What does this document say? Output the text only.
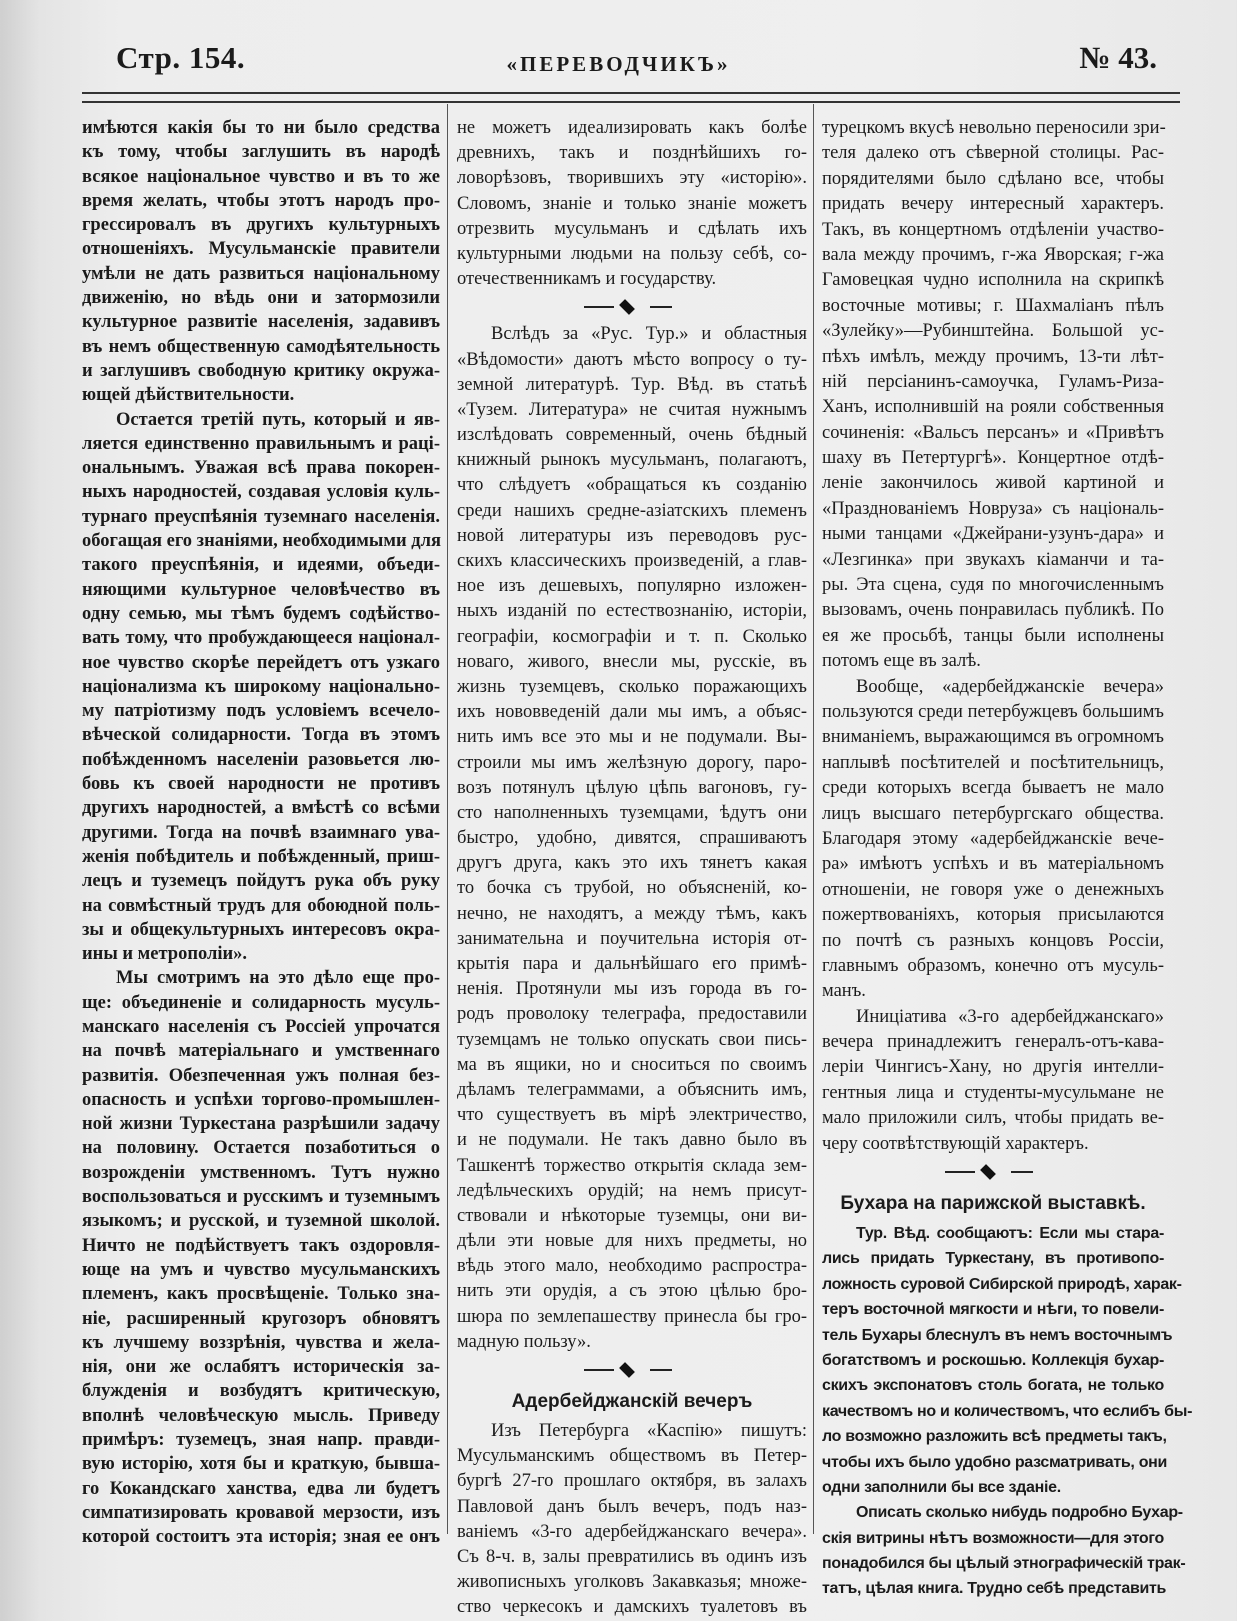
Стр. 154.	«ПЕРЕВОДЧИКЪ»	№ 43.
имѣются какія бы то ни было средства
къ тому, чтобы заглушить въ народѣ
всякое національное чувство и въ то же
время желать, чтобы этотъ народъ про-
грессировалъ въ другихъ культурныхъ
отношеніяхъ. Мусульманскіе правители
умѣли не дать развиться національному
движенію, но вѣдь они и затормозили
культурное развитіе населенія, задавивъ
въ немъ общественную самодѣятельность
и заглушивъ свободную критику окружа-
ющей дѣйствительности.
Остается третій путь, который и яв-
ляется единственно правильнымъ и раці-
ональнымъ. Уважая всѣ права покорен-
ныхъ народностей, создавая условія куль-
турнаго преуспѣянія туземнаго населенія.
обогащая его знаніями, необходимыми для
такого преуспѣянія, и идеями, объеди-
няющими культурное человѣчество въ
одну семью, мы тѣмъ будемъ содѣйство-
вать тому, что пробуждающееся націонал-
ное чувство скорѣе перейдетъ отъ узкаго
націонализма къ широкому національно-
му патріотизму подъ условіемъ всечело-
вѣческой солидарности. Тогда въ этомъ
побѣжденномъ населеніи разовьется лю-
бовь къ своей народности не противъ
другихъ народностей, а вмѣстѣ со всѣми
другими. Тогда на почвѣ взаимнаго ува-
женія побѣдитель и побѣжденный, приш-
лецъ и туземецъ пойдутъ рука объ руку
на совмѣстный трудъ для обоюдной поль-
зы и общекультурныхъ интересовъ окра-
ины и метрополіи».
Мы смотримъ на это дѣло еще про-
ще: объединеніе и солидарность мусуль-
манскаго населенія съ Россіей упрочатся
на почвѣ матеріальнаго и умственнаго
развитія. Обезпеченная ужъ полная без-
опасность и успѣхи торгово-промышлен-
ной жизни Туркестана разрѣшили задачу
на половину. Остается позаботиться о
возрожденіи умственномъ. Тутъ нужно
воспользоваться и русскимъ и туземнымъ
языкомъ; и русской, и туземной школой.
Ничто не подѣйствуетъ такъ оздоровля-
юще на умъ и чувство мусульманскихъ
племенъ, какъ просвѣщеніе. Только зна-
ніе, расширенный кругозоръ обновятъ
къ лучшему воззрѣнія, чувства и жела-
нія, они же ослабятъ историческія за-
блужденія и возбудятъ критическую,
вполнѣ человѣческую мысль. Приведу
примѣръ: туземецъ, зная напр. правди-
вую исторію, хотя бы и краткую, бывша-
го Кокандскаго ханства, едва ли будетъ
симпатизировать кровавой мерзости, изъ
которой состоитъ эта исторія; зная ее онъ
не можетъ идеализировать какъ болѣе
древнихъ, такъ и позднѣйшихъ го-
ловорѣзовъ, творившихъ эту «исторію».
Словомъ, знаніе и только знаніе можетъ
отрезвить мусульманъ и сдѣлать ихъ
культурными людьми на пользу себѣ, со-
отечественникамъ и государству.
Вслѣдъ за «Рус. Тур.» и областныя
«Вѣдомости» даютъ мѣсто вопросу о ту-
земной литературѣ. Тур. Вѣд. въ статьѣ
«Тузем. Литература» не считая нужнымъ
изслѣдовать современный, очень бѣдный
книжный рынокъ мусульманъ, полагаютъ,
что слѣдуетъ «обращаться къ созданію
среди нашихъ средне-азіатскихъ племенъ
новой литературы изъ переводовъ рус-
скихъ классическихъ произведеній, а глав-
ное изъ дешевыхъ, популярно изложен-
ныхъ изданій по естествознанію, исторіи,
географіи, космографіи и т. п. Сколько
новаго, живого, внесли мы, русскіе, въ
жизнь туземцевъ, сколько поражающихъ
ихъ нововведеній дали мы имъ, а объяс-
нить имъ все это мы и не подумали. Вы-
строили мы имъ желѣзную дорогу, паро-
возъ потянулъ цѣлую цѣпь вагоновъ, гу-
сто наполненныхъ туземцами, ѣдутъ они
быстро, удобно, дивятся, спрашиваютъ
другъ друга, какъ это ихъ тянетъ какая
то бочка съ трубой, но объясненій, ко-
нечно, не находятъ, а между тѣмъ, какъ
занимательна и поучительна исторія от-
крытія пара и дальнѣйшаго его примѣ-
ненія. Протянули мы изъ города въ го-
родъ проволоку телеграфа, предоставили
туземцамъ не только опускать свои пись-
ма въ ящики, но и сноситься по своимъ
дѣламъ телеграммами, а объяснить имъ,
что существуетъ въ мірѣ электричество,
и не подумали. Не такъ давно было въ
Ташкентѣ торжество открытія склада зем-
ледѣльческихъ орудій; на немъ присут-
ствовали и нѣкоторые туземцы, они ви-
дѣли эти новые для нихъ предметы, но
вѣдь этого мало, необходимо распростра-
нить эти орудія, а съ этою цѣлью бро-
шюра по землепашеству принесла бы гро-
мадную пользу».
Адербейджанскій вечеръ
Изъ Петербурга «Каспію» пишутъ:
Мусульманскимъ обществомъ въ Петер-
бургѣ 27-го прошлаго октября, въ залахъ
Павловой данъ былъ вечеръ, подъ наз-
ваніемъ «3-го адербейджанскаго вечера».
Съ 8-ч. в, залы превратились въ одинъ изъ
живописныхъ уголковъ Закавказья; множе-
ство черкесокъ и дамскихъ туалетовъ въ
турецкомъ вкусѣ невольно переносили зри-
теля далеко отъ сѣверной столицы. Рас-
порядителями было сдѣлано все, чтобы
придать вечеру интересный характеръ.
Такъ, въ концертномъ отдѣленіи участво-
вала между прочимъ, г-жа Яворская; г-жа
Гамовецкая чудно исполнила на скрипкѣ
восточные мотивы; г. Шахмаліанъ пѣлъ
«Зулейку»—Рубинштейна. Большой ус-
пѣхъ имѣлъ, между прочимъ, 13-ти лѣт-
ній персіанинъ-самоучка, Гуламъ-Риза-
Ханъ, исполнившій на рояли собственныя
сочиненія: «Вальсъ персанъ» и «Привѣтъ
шаху въ Петертургѣ». Концертное отдѣ-
леніе закончилось живой картиной и
«Празднованіемъ Новруза» съ національ-
ными танцами «Джейрани-узунъ-дара» и
«Лезгинка» при звукахъ кіаманчи и та-
ры. Эта сцена, судя по многочисленнымъ
вызовамъ, очень понравилась публикѣ. По
ея же просьбѣ, танцы были исполнены
потомъ еще въ залѣ.
Вообще, «адербейджанскіе вечера»
пользуются среди петербужцевъ большимъ
вниманіемъ, выражающимся въ огромномъ
наплывѣ посѣтителей и посѣтительницъ,
среди которыхъ всегда бываетъ не мало
лицъ высшаго петербургскаго общества.
Благодаря этому «адербейджанскіе вече-
ра» имѣютъ успѣхъ и въ матеріальномъ
отношеніи, не говоря уже о денежныхъ
пожертвованіяхъ, которыя присылаются
по почтѣ съ разныхъ концовъ Россіи,
главнымъ образомъ, конечно отъ мусуль-
манъ.
Иниціатива «3-го адербейджанскаго»
вечера принадлежитъ генералъ-отъ-кава-
леріи Чингисъ-Хану, но другія интелли-
гентныя лица и студенты-мусульмане не
мало приложили силъ, чтобы придать ве-
черу соотвѣтствующій характеръ.
Бухара на парижской выставкѣ.
Тур. Вѣд. сообщаютъ: Если мы стара-
лись придать Туркестану, въ противопо-
ложность суровой Сибирской природѣ, харак-
теръ восточной мягкости и нѣги, то повели-
тель Бухары блеснулъ въ немъ восточнымъ
богатствомъ и роскошью. Коллекція бухар-
скихъ экспонатовъ столь богата, не только
качествомъ но и количествомъ, что еслибъ бы-
ло возможно разложить всѣ предметы такъ,
чтобы ихъ было удобно разсматривать, они
одни заполнили бы все зданіе.
Описать сколько нибудь подробно Бухар-
скія витрины нѣтъ возможности—для этого
понадобился бы цѣлый этнографическій трак-
татъ, цѣлая книга. Трудно себѣ представить
